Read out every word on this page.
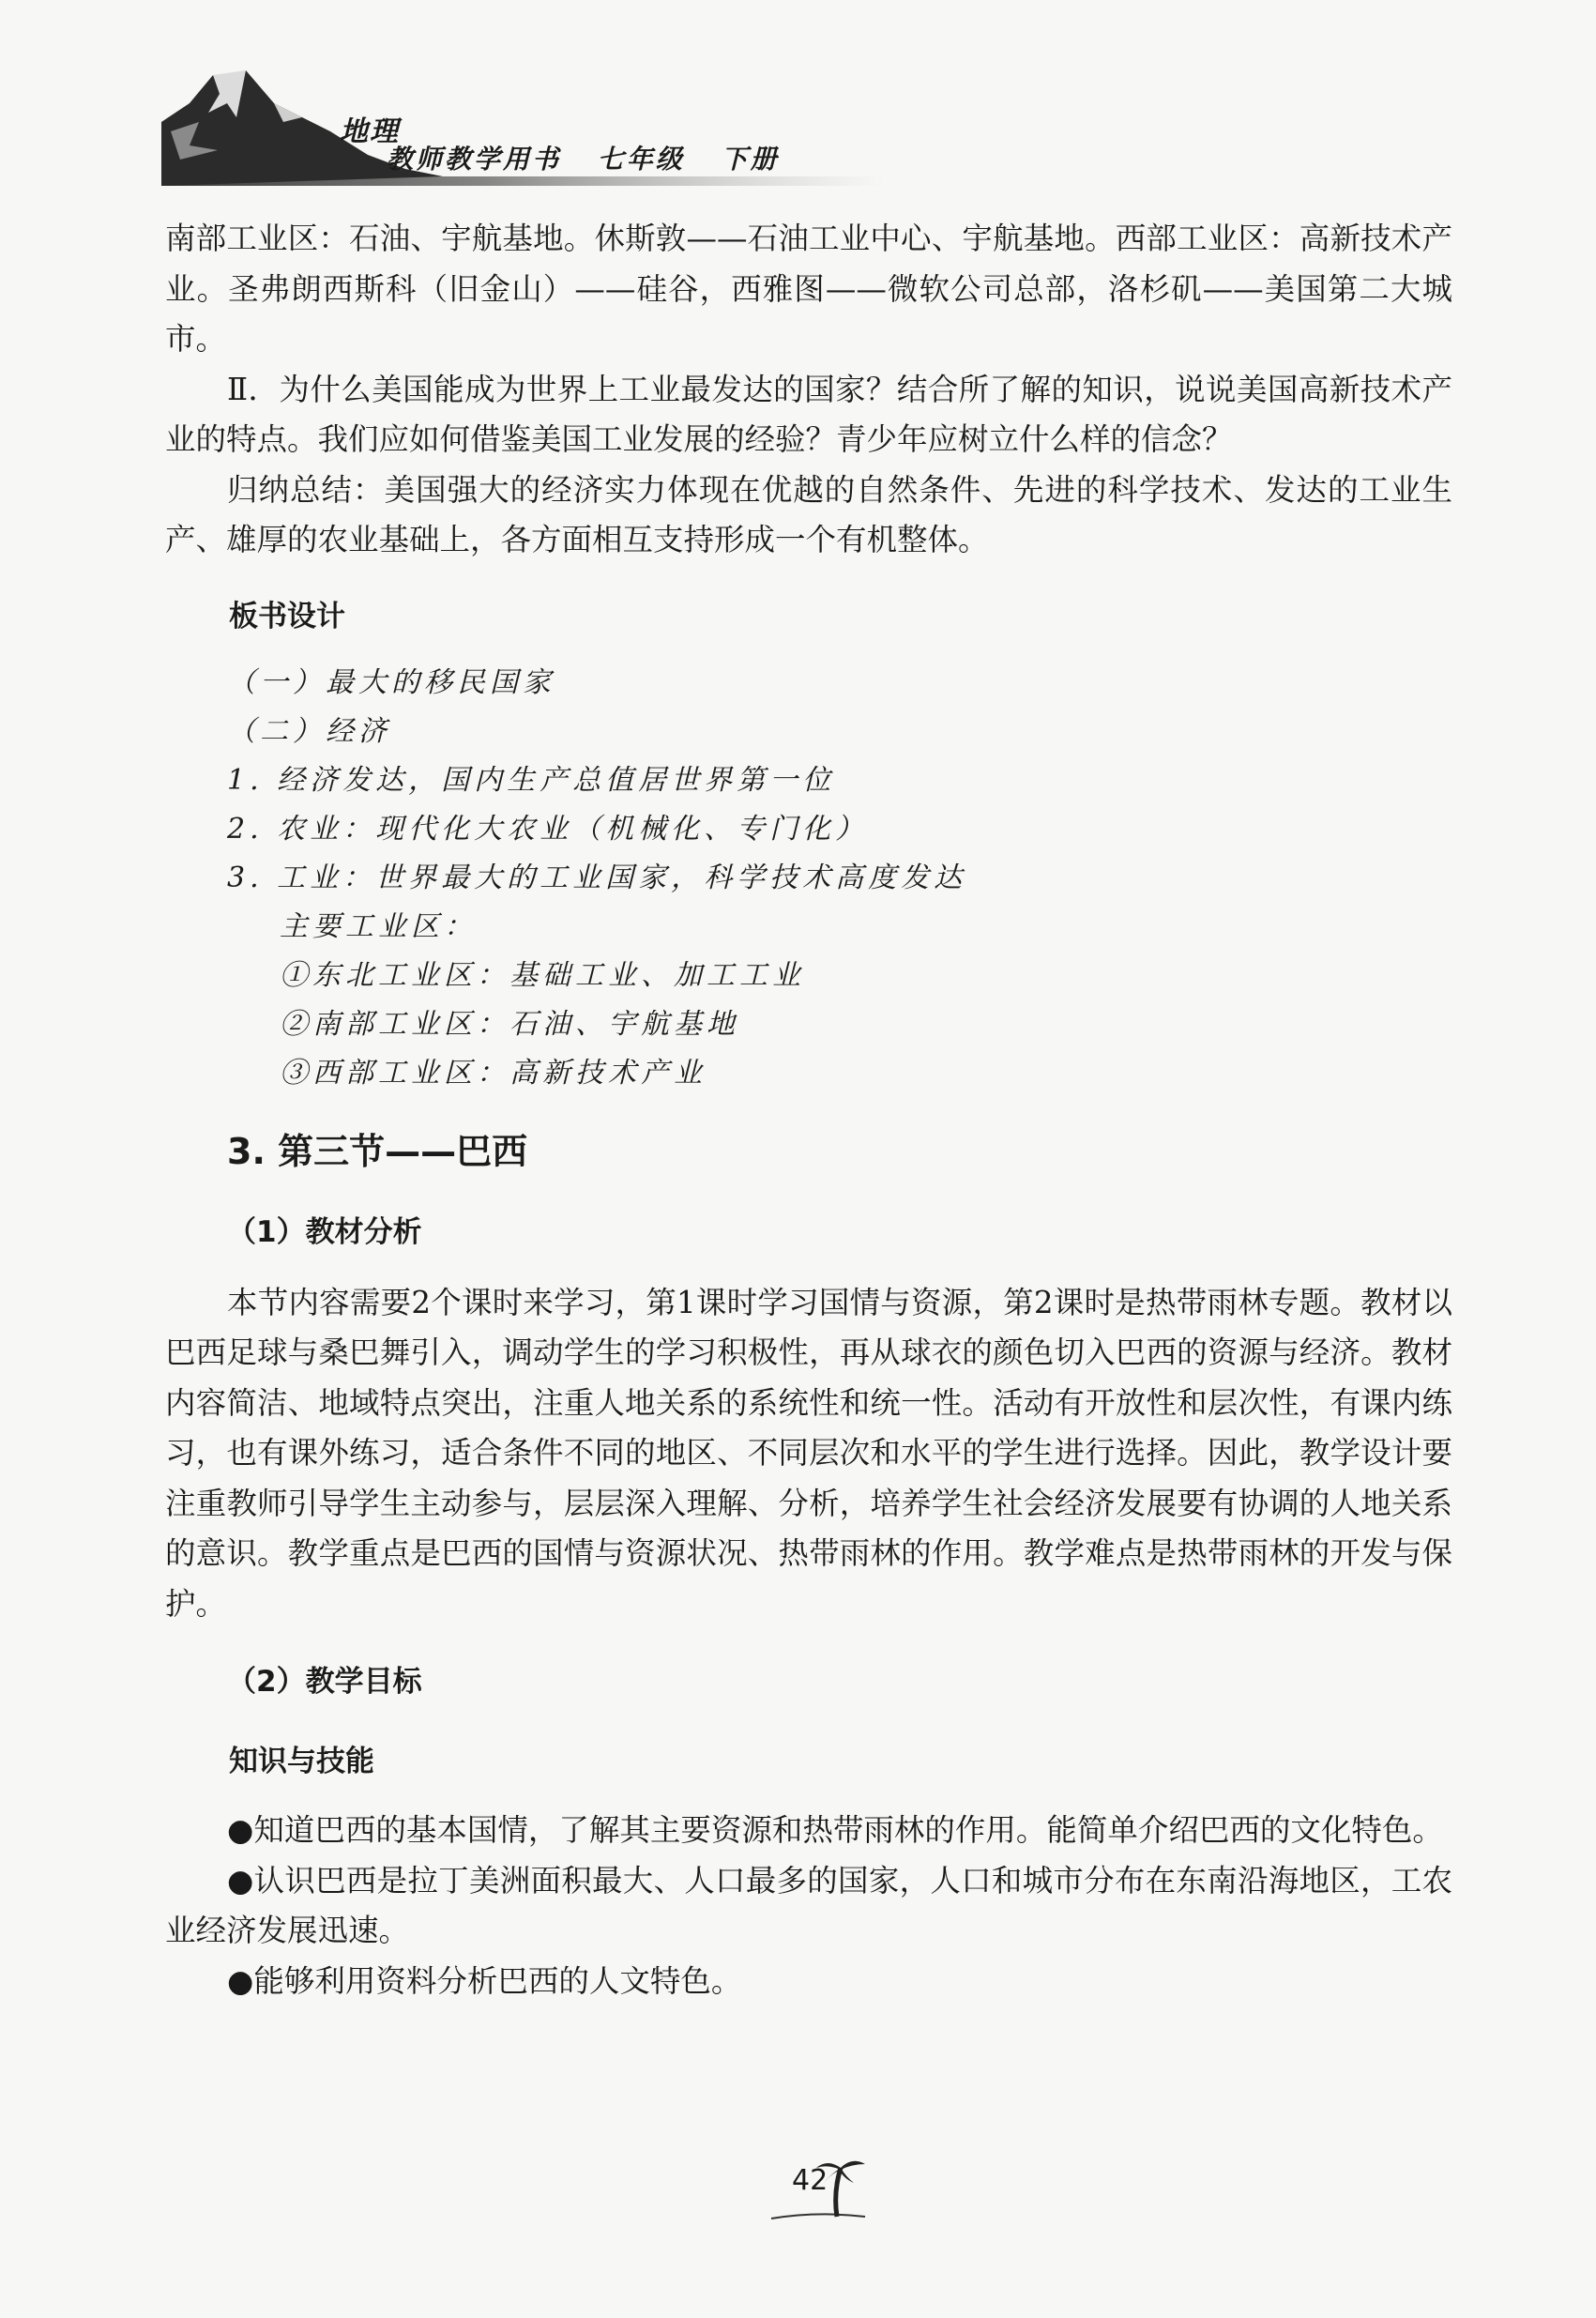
地理
教师教学用书 七年级 下册

南部工业区：石油、宇航基地。休斯敦——石油工业中心、宇航基地。西部工业区：高新技术产业。圣弗朗西斯科（旧金山）——硅谷，西雅图——微软公司总部，洛杉矶——美国第二大城市。

Ⅱ．为什么美国能成为世界上工业最发达的国家？结合所了解的知识，说说美国高新技术产业的特点。我们应如何借鉴美国工业发展的经验？青少年应树立什么样的信念？

归纳总结：美国强大的经济实力体现在优越的自然条件、先进的科学技术、发达的工业生产、雄厚的农业基础上，各方面相互支持形成一个有机整体。

板书设计

（一）最大的移民国家

（二）经济

1. 经济发达，国内生产总值居世界第一位

2. 农业：现代化大农业（机械化、专门化）

3. 工业：世界最大的工业国家，科学技术高度发达

主要工业区：

①东北工业区：基础工业、加工工业

②南部工业区：石油、宇航基地

③西部工业区：高新技术产业

3. 第三节——巴西

（1）教材分析

本节内容需要2个课时来学习，第1课时学习国情与资源，第2课时是热带雨林专题。教材以巴西足球与桑巴舞引入，调动学生的学习积极性，再从球衣的颜色切入巴西的资源与经济。教材内容简洁、地域特点突出，注重人地关系的系统性和统一性。活动有开放性和层次性，有课内练习，也有课外练习，适合条件不同的地区、不同层次和水平的学生进行选择。因此，教学设计要注重教师引导学生主动参与，层层深入理解、分析，培养学生社会经济发展要有协调的人地关系的意识。教学重点是巴西的国情与资源状况、热带雨林的作用。教学难点是热带雨林的开发与保护。

（2）教学目标

知识与技能

●知道巴西的基本国情，了解其主要资源和热带雨林的作用。能简单介绍巴西的文化特色。

●认识巴西是拉丁美洲面积最大、人口最多的国家，人口和城市分布在东南沿海地区，工农业经济发展迅速。

●能够利用资料分析巴西的人文特色。

42
